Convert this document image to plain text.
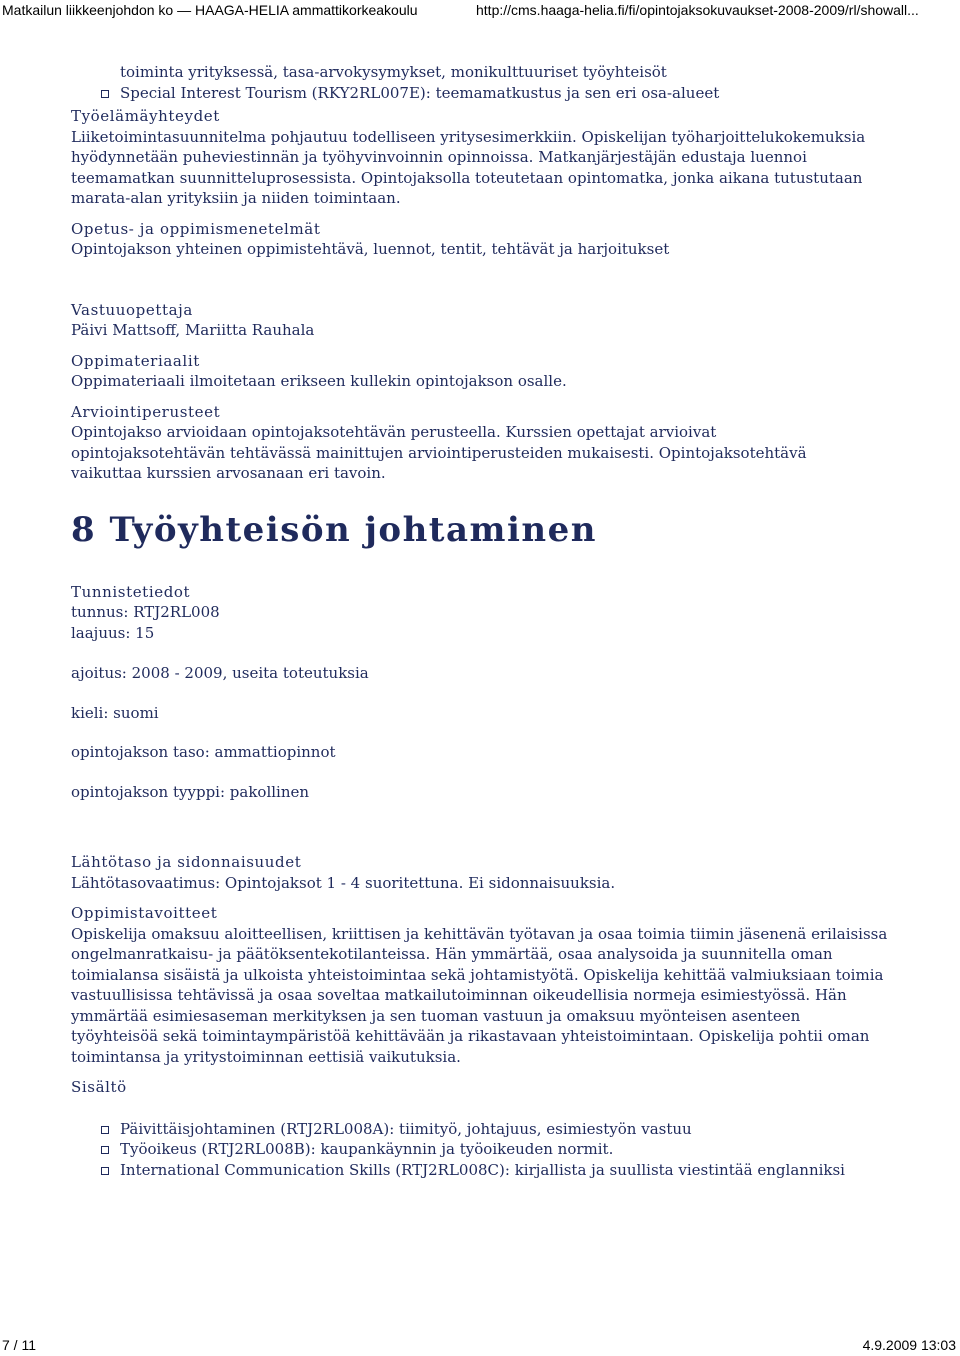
Matkailun liikkeenjohdon ko — HAAGA-HELIA ammattikorkeakoulu	http://cms.haaga-helia.fi/fi/opintojaksokuvaukset-2008-2009/rl/showall...
toiminta yrityksessä, tasa-arvokysymykset, monikulttuuriset työyhteisöt
Special Interest Tourism (RKY2RL007E): teemamatkustus ja sen eri osa-alueet

Työelämäyhteydet

Liiketoimintasuunnitelma pohjautuu todelliseen yritysesimerkkiin. Opiskelijan työharjoittelukokemuksia hyödynnetään puheviestinnän ja työhyvinvoinnin opinnoissa. Matkanjärjestäjän edustaja luennoi teemamatkan suunnitteluprosessista. Opintojaksolla toteutetaan opintomatka, jonka aikana tutustutaan marata-alan yrityksiin ja niiden toimintaan.

Opetus- ja oppimismenetelmät

Opintojakson yhteinen oppimistehtävä, luennot, tentit, tehtävät ja harjoitukset

Vastuuopettaja

Päivi Mattsoff, Mariitta Rauhala

Oppimateriaalit

Oppimateriaali ilmoitetaan erikseen kullekin opintojakson osalle.

Arviointiperusteet

Opintojakso arvioidaan opintojaksotehtävän perusteella. Kurssien opettajat arvioivat opintojaksotehtävän tehtävässä mainittujen arviointiperusteiden mukaisesti. Opintojaksotehtävä vaikuttaa kurssien arvosanaan eri tavoin.

8 Työyhteisön johtaminen

Tunnistetiedot

tunnus: RTJ2RL008

laajuus: 15

ajoitus: 2008 - 2009, useita toteutuksia

kieli: suomi

opintojakson taso: ammattiopinnot

opintojakson tyyppi: pakollinen

Lähtötaso ja sidonnaisuudet

Lähtötasovaatimus: Opintojaksot 1 - 4 suoritettuna. Ei sidonnaisuuksia.

Oppimistavoitteet

Opiskelija omaksuu aloitteellisen, kriittisen ja kehittävän työtavan ja osaa toimia tiimin jäsenenä erilaisissa ongelmanratkaisu- ja päätöksentekotilanteissa. Hän ymmärtää, osaa analysoida ja suunnitella oman toimialansa sisäistä ja ulkoista yhteistoimintaa sekä johtamistyötä. Opiskelija kehittää valmiuksiaan toimia vastuullisissa tehtävissä ja osaa soveltaa matkailutoiminnan oikeudellisia normeja esimiestyössä. Hän ymmärtää esimiesaseman merkityksen ja sen tuoman vastuun ja omaksuu myönteisen asenteen työyhteisöä sekä toimintaympäristöä kehittävään ja rikastavaan yhteistoimintaan. Opiskelija pohtii oman toimintansa ja yritystoiminnan eettisiä vaikutuksia.

Sisältö

Päivittäisjohtaminen (RTJ2RL008A): tiimityö, johtajuus, esimiestyön vastuu
Työoikeus (RTJ2RL008B): kaupankäynnin ja työoikeuden normit.
International Communication Skills (RTJ2RL008C): kirjallista ja suullista viestintää englanniksi
7 / 11	4.9.2009 13:03
